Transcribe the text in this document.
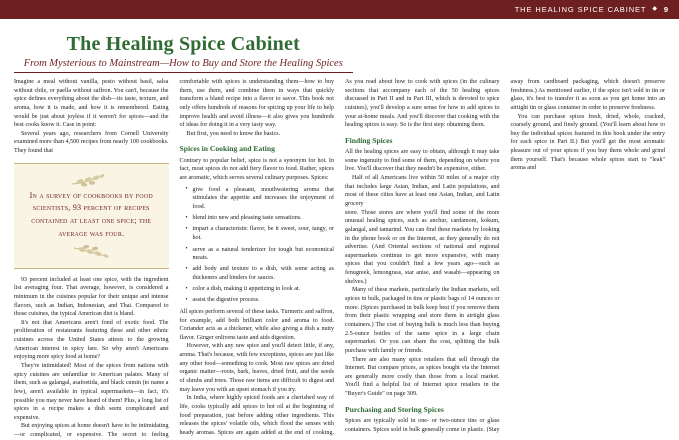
THE HEALING SPICE CABINET ◆ 9
The Healing Spice Cabinet
From Mysterious to Mainstream—How to Buy and Store the Healing Spices

Imagine a meal without vanilla, pesto without basil, salsa without chile, or paella without saffron. You can't, because the spice defines everything about the dish—its taste, texture, and aroma, how it is made, and how it is remembered. Eating would be just about joyless if it weren't for spices—and the best cooks know it. Case in point:

Several years ago, researchers from Cornell University examined more than 4,500 recipes from nearly 100 cookbooks. They found that

In a survey of cookbooks by food scientists, 93 percent of recipes contained at least one spice; the average was four.

93 percent included at least one spice, with the ingredient list averaging four. That average, however, is considered a minimum in the cuisines popular for their unique and intense flavors, such as Indian, Indonesian, and Thai. Compared to those cuisines, the typical American diet is bland.

It's not that Americans aren't fond of exotic food. The proliferation of restaurants featuring these and other ethnic cuisines across the United States attests to the growing American interest in spicy fare. So why aren't Americans enjoying more spicy food at home?

They're intimidated! Most of the spices from nations with spicy cuisines are unfamiliar to American palates. Many of them, such as galangal, asafoetida, and black cumin (to name a few), aren't available in typical supermarkets—in fact, it's possible you may never have heard of them! Plus, a long list of spices in a recipe makes a dish seem complicated and expensive.

But enjoying spices at home doesn't have to be intimidating—or complicated, or expensive. The secret to feeling comfortable with spices is understanding them—how to buy them, use them, and combine them in ways that quickly transform a bland recipe into a flavor to savor. This book not only offers hundreds of reasons for spicing up your life to help improve health and avoid illness—it also gives you hundreds of ideas for doing it in a very tasty way.

But first, you need to know the basics.

Spices in Cooking and Eating

Contrary to popular belief, spice is not a synonym for hot. In fact, most spices do not add fiery flavor to food. Rather, spices are aromatic, which serves several culinary purposes. Spices:

• give food a pleasant, mouthwatering aroma that stimulates the appetite and increases the enjoyment of food.
• blend into new and pleasing taste sensations.
• impart a characteristic flavor, be it sweet, sour, tangy, or hot.
• serve as a natural tenderizer for tough but economical meats.
• add body and texture to a dish, with some acting as thickeners and binders for sauces.
• color a dish, making it appetizing to look at.
• assist the digestive process.

All spices perform several of these tasks. Turmeric and saffron, for example, add both brilliant color and aroma to food. Coriander acts as a thickener, while also giving a dish a nutty flavor. Ginger enlivens taste and aids digestion.

However, with any raw spice and you'll detect little, if any, aroma. That's because, with few exceptions, spices are just like any other food—something to cook. Most raw spices are dried organic matter—roots, bark, leaves, dried fruit, and the seeds of shrubs and trees. Those raw items are difficult to digest and may leave you with an upset stomach if you try.

In India, where highly spiced foods are a cherished way of life, cooks typically add spices to hot oil at the beginning of food preparation, just before adding other ingredients. This releases the spices' volatile oils, which flood the senses with heady aromas. Spices are again added at the end of cooking. As you read about how to cook with spices (in the culinary sections that accompany each of the 50 healing spices discussed in Part II and in Part III, which is devoted to spice cuisines), you'll develop a sure sense for how to add spices to your at-home meals. And you'll discover that cooking with the healing spices is easy. So is the first step: obtaining them.

Finding Spices

All the healing spices are easy to obtain, although it may take some ingenuity to find some of them, depending on where you live. You'll discover that they needn't be expensive, either.

Half of all Americans live within 50 miles of a major city that includes large Asian, Indian, and Latin populations, and most of these cities have at least one Asian, Indian, and Latin grocery

store. Those stores are where you'll find some of the more unusual healing spices, such as anchur, cardamom, kokum, galangal, and tamarind. You can find these markets by looking in the phone book or on the Internet, as they generally do not advertise. (And Oriental sections of national and regional supermarkets continue to get more expansive, with many spices that you couldn't find a few years ago—such as fenugreek, lemongrass, star anise, and wasabi—appearing on shelves.)

Many of these markets, particularly the Indian markets, sell spices in bulk, packaged in tins or plastic bags of 14 ounces or more. (Spices purchased in bulk keep best if you remove them from their plastic wrapping and store them in airtight glass containers.) The cost of buying bulk is much less than buying 2.5-ounce bottles of the same spice in a large chain supermarket. Or you can share the cost, splitting the bulk purchase with family or friends.

There are also many spice retailers that sell through the Internet. But compare prices, as spices bought via the Internet are generally more costly than those from a local market. You'll find a helpful list of Internet spice retailers in the "Buyer's Guide" on page 309.

Purchasing and Storing Spices

Spices are typically sold in one- or two-ounce tins or glass containers. Spices sold in bulk generally come in plastic. (Stay away from cardboard packaging, which doesn't preserve freshness.) As mentioned earlier, if the spice isn't sold in tin or glass, it's best to transfer it as soon as you get home into an airtight tin or glass container in order to preserve freshness.

You can purchase spices fresh, dried, whole, cracked, coarsely ground, and finely ground. (You'll learn about how to buy the individual spices featured in this book under the entry for each spice in Part II.) But you'll get the most aromatic pleasure out of your spices if you buy them whole and grind them yourself. That's because whole spices start to "leak" aroma and
